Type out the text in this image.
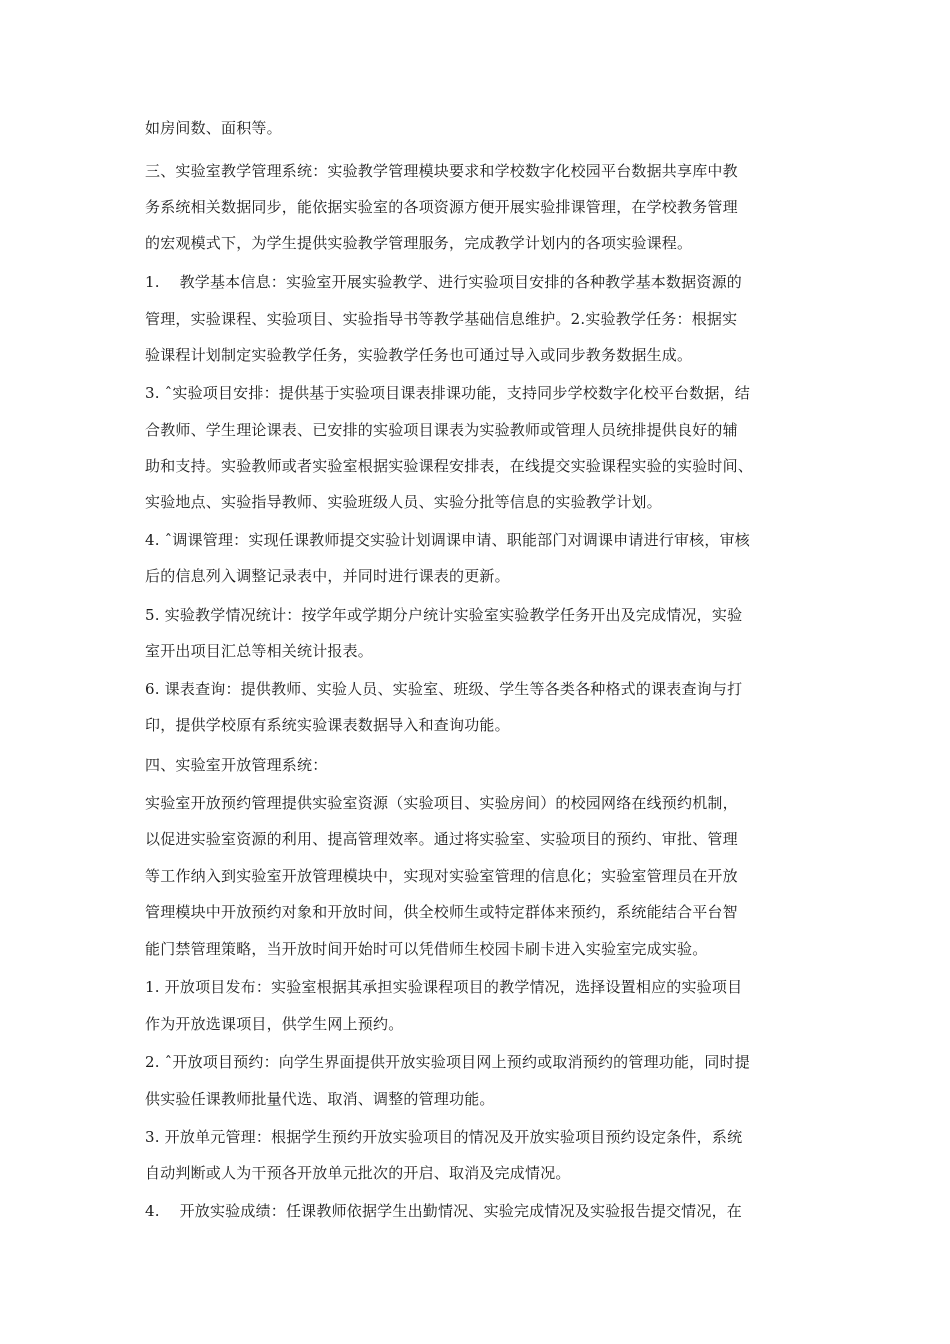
如房间数、面积等。
三、实验室教学管理系统：实验教学管理模块要求和学校数字化校园平台数据共享库中教
务系统相关数据同步，能依据实验室的各项资源方便开展实验排课管理，在学校教务管理
的宏观模式下，为学生提供实验教学管理服务，完成教学计划内的各项实验课程。
1.    教学基本信息：实验室开展实验教学、进行实验项目安排的各种教学基本数据资源的
管理，实验课程、实验项目、实验指导书等教学基础信息维护。2.实验教学任务：根据实
验课程计划制定实验教学任务，实验教学任务也可通过导入或同步教务数据生成。
3. ˆ实验项目安排：提供基于实验项目课表排课功能，支持同步学校数字化校平台数据，结
合教师、学生理论课表、已安排的实验项目课表为实验教师或管理人员统排提供良好的辅
助和支持。实验教师或者实验室根据实验课程安排表，在线提交实验课程实验的实验时间、
实验地点、实验指导教师、实验班级人员、实验分批等信息的实验教学计划。
4. ˆ调课管理：实现任课教师提交实验计划调课申请、职能部门对调课申请进行审核，审核
后的信息列入调整记录表中，并同时进行课表的更新。
5. 实验教学情况统计：按学年或学期分户统计实验室实验教学任务开出及完成情况，实验
室开出项目汇总等相关统计报表。
6. 课表查询：提供教师、实验人员、实验室、班级、学生等各类各种格式的课表查询与打
印，提供学校原有系统实验课表数据导入和查询功能。
四、实验室开放管理系统：
实验室开放预约管理提供实验室资源（实验项目、实验房间）的校园网络在线预约机制，
以促进实验室资源的利用、提高管理效率。通过将实验室、实验项目的预约、审批、管理
等工作纳入到实验室开放管理模块中，实现对实验室管理的信息化；实验室管理员在开放
管理模块中开放预约对象和开放时间，供全校师生或特定群体来预约，系统能结合平台智
能门禁管理策略，当开放时间开始时可以凭借师生校园卡刷卡进入实验室完成实验。
1. 开放项目发布：实验室根据其承担实验课程项目的教学情况，选择设置相应的实验项目
作为开放选课项目，供学生网上预约。
2. ˆ开放项目预约：向学生界面提供开放实验项目网上预约或取消预约的管理功能，同时提
供实验任课教师批量代选、取消、调整的管理功能。
3. 开放单元管理：根据学生预约开放实验项目的情况及开放实验项目预约设定条件，系统
自动判断或人为干预各开放单元批次的开启、取消及完成情况。
4.    开放实验成绩：任课教师依据学生出勤情况、实验完成情况及实验报告提交情况，在
